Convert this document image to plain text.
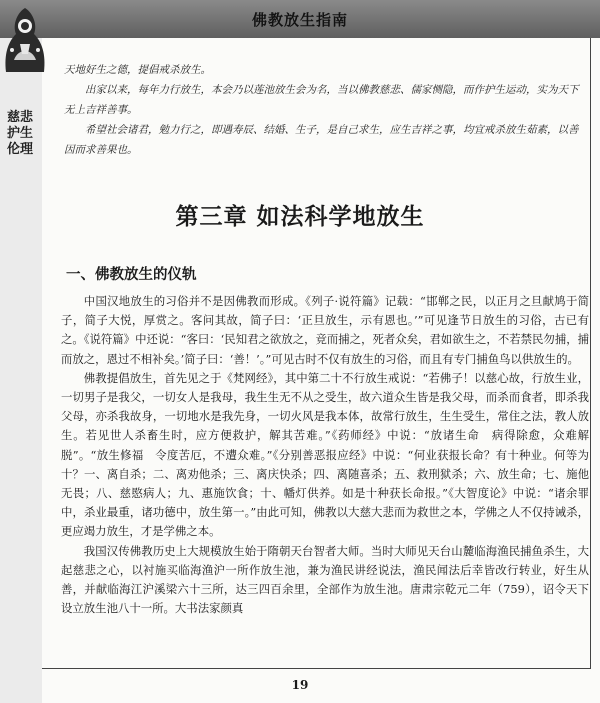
佛教放生指南
慈悲护生伦理

天地好生之德，提倡戒杀放生。

出家以来，每年力行放生，本会乃以莲池放生会为名，当以佛教慈悲、儒家恻隐，而作护生运动，实为天下无上吉祥善事。

希望社会诸君，勉力行之，即遇寿辰、结婚、生子，是自己求生，应生吉祥之事，均宜戒杀放生茹素，以善因而求善果也。

第三章 如法科学地放生
一、佛教放生的仪轨

中国汉地放生的习俗并不是因佛教而形成。《列子·说符篇》记载：“邯郸之民，以正月之旦献鸠于简子，简子大悦，厚赏之。客问其故，简子曰：‘正旦放生，示有恩也。’”可见逢节日放生的习俗，古已有之。《说符篇》中还说：“客曰：‘民知君之欲放之，竞而捕之，死者众矣，君如欲生之，不若禁民勿捕，捕而放之，恩过不相补矣。’简子曰：‘善！’。”可见古时不仅有放生的习俗，而且有专门捕鱼鸟以供放生的。

佛教提倡放生，首先见之于《梵网经》，其中第二十不行放生戒说：“若佛子！以慈心故，行放生业，一切男子是我父，一切女人是我母，我生生无不从之受生，故六道众生皆是我父母，而杀而食者，即杀我父母，亦杀我故身，一切地水是我先身，一切火风是我本体，故常行放生，生生受生，常住之法，教人放生。若见世人杀畜生时，应方便救护，解其苦难。”《药师经》中说：“放诸生命　病得除愈，众难解脱”。“放生修福　令度苦厄，不遭众难。”《分别善恶报应经》中说：“何业获报长命？有十种业。何等为十？一、离自杀；二、离劝他杀；三、离庆快杀；四、离随喜杀；五、救刑狱杀；六、放生命；七、施他无畏；八、慈愍病人；九、惠施饮食；十、幡灯供养。如是十种获长命报。”《大智度论》中说：“诸余罪中，杀业最重，诸功德中，放生第一。”由此可知，佛教以大慈大悲而为救世之本，学佛之人不仅持诫杀，更应竭力放生，才是学佛之本。

我国汉传佛教历史上大规模放生始于隋朝天台智者大师。当时大师见天台山麓临海渔民捕鱼杀生，大起慈悲之心，以衬施买临海渔沪一所作放生池，兼为渔民讲经说法，渔民闻法后幸皆改行转业，好生从善，并献临海江沪溪梁六十三所，达三四百余里，全部作为放生池。唐肃宗乾元二年（759），诏令天下设立放生池八十一所。大书法家颜真

19
